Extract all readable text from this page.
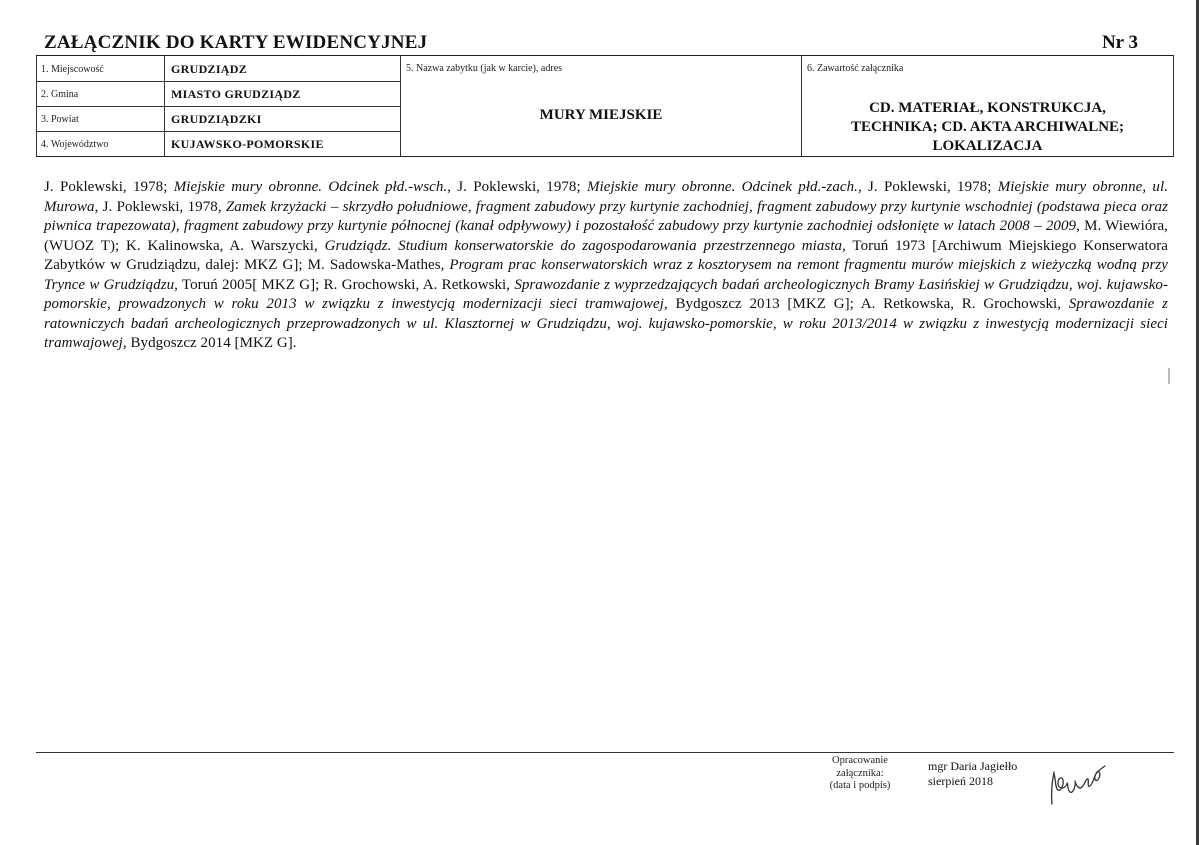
ZAŁĄCZNIK DO KARTY EWIDENCYJNEJ	Nr 3
1. Miejscowość	GRUDZIĄDZ
2. Gmina	MIASTO GRUDZIĄDZ
3. Powiat	GRUDZIĄDZKI
4. Województwo	KUJAWSKO-POMORSKIE
5. Nazwa zabytku (jak w karcie), adres
MURY MIEJSKIE
6. Zawartość załącznika
CD. MATERIAŁ, KONSTRUKCJA,
TECHNIKA; CD. AKTA ARCHIWALNE;
LOKALIZACJA
J. Poklewski, 1978; Miejskie mury obronne. Odcinek płd.-wsch., J. Poklewski, 1978; Miejskie mury obronne. Odcinek płd.-zach., J. Poklewski, 1978; Miejskie mury obronne, ul. Murowa, J. Poklewski, 1978, Zamek krzyżacki – skrzydło południowe, fragment zabudowy przy kurtynie zachodniej, fragment zabudowy przy kurtynie wschodniej (podstawa pieca oraz piwnica trapezowata), fragment zabudowy przy kurtynie północnej (kanał odpływowy) i pozostałość zabudowy przy kurtynie zachodniej odsłonięte w latach 2008 – 2009, M. Wiewióra, (WUOZ T); K. Kalinowska, A. Warszycki, Grudziądz. Studium konserwatorskie do zagospodarowania przestrzennego miasta, Toruń 1973 [Archiwum Miejskiego Konserwatora Zabytków w Grudziądzu, dalej: MKZ G]; M. Sadowska-Mathes, Program prac konserwatorskich wraz z kosztorysem na remont fragmentu murów miejskich z wieżyczką wodną przy Trynce w Grudziądzu, Toruń 2005[ MKZ G]; R. Grochowski, A. Retkowski, Sprawozdanie z wyprzedzających badań archeologicznych Bramy Łasińskiej w Grudziądzu, woj. kujawsko-pomorskie, prowadzonych w roku 2013 w związku z inwestycją modernizacji sieci tramwajowej, Bydgoszcz 2013 [MKZ G]; A. Retkowska, R. Grochowski, Sprawozdanie z ratowniczych badań archeologicznych przeprowadzonych w ul. Klasztornej w Grudziądzu, woj. kujawsko-pomorskie, w roku 2013/2014 w związku z inwestycją modernizacji sieci tramwajowej, Bydgoszcz 2014 [MKZ G].
Opracowanie
załącznika:
(data i podpis)
mgr Daria Jagiełło
sierpień 2018
